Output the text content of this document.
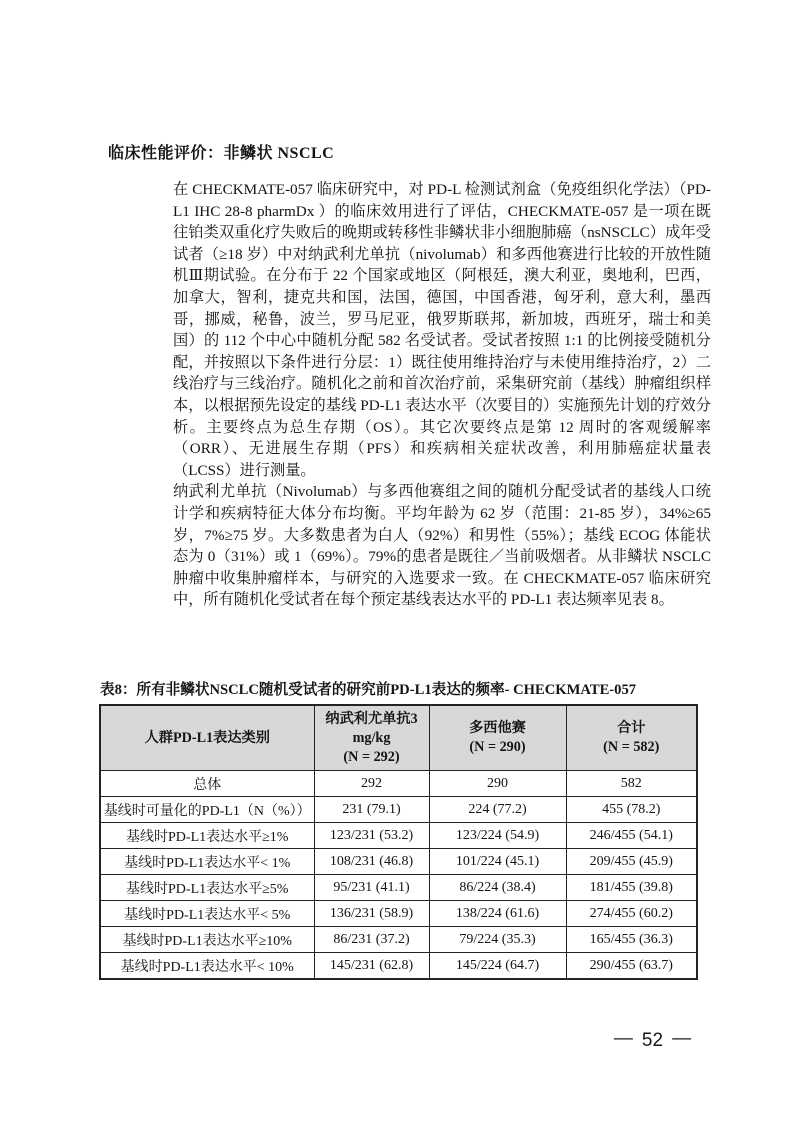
临床性能评价：非鳞状 NSCLC

在 CHECKMATE-057 临床研究中，对 PD-L 检测试剂盒（免疫组织化学法）（PD-L1 IHC 28-8 pharmDx ）的临床效用进行了评估，CHECKMATE-057 是一项在既往铂类双重化疗失败后的晚期或转移性非鳞状非小细胞肺癌（nsNSCLC）成年受试者（≥18 岁）中对纳武利尤单抗（nivolumab）和多西他赛进行比较的开放性随机Ⅲ期试验。在分布于 22 个国家或地区（阿根廷，澳大利亚，奥地利，巴西，加拿大，智利，捷克共和国，法国，德国，中国香港，匈牙利，意大利，墨西哥，挪威，秘鲁，波兰，罗马尼亚，俄罗斯联邦，新加坡，西班牙，瑞士和美国）的 112 个中心中随机分配 582 名受试者。受试者按照 1:1 的比例接受随机分配，并按照以下条件进行分层：1）既往使用维持治疗与未使用维持治疗，2）二线治疗与三线治疗。随机化之前和首次治疗前，采集研究前（基线）肿瘤组织样本，以根据预先设定的基线 PD-L1 表达水平（次要目的）实施预先计划的疗效分析。主要终点为总生存期（OS）。其它次要终点是第 12 周时的客观缓解率（ORR）、无进展生存期（PFS）和疾病相关症状改善，利用肺癌症状量表（LCSS）进行测量。

纳武利尤单抗（Nivolumab）与多西他赛组之间的随机分配受试者的基线人口统计学和疾病特征大体分布均衡。平均年龄为 62 岁（范围：21-85 岁），34%≥65 岁，7%≥75 岁。大多数患者为白人（92%）和男性（55%）；基线 ECOG 体能状态为 0（31%）或 1（69%）。79%的患者是既往／当前吸烟者。从非鳞状 NSCLC 肿瘤中收集肿瘤样本，与研究的入选要求一致。在 CHECKMATE-057 临床研究中，所有随机化受试者在每个预定基线表达水平的 PD-L1 表达频率见表 8。

表8：所有非鳞状NSCLC随机受试者的研究前PD-L1表达的频率- CHECKMATE-057
人群PD-L1表达类别	纳武利尤单抗3
mg/kg
(N = 292)	多西他赛
(N = 290)	合计
(N = 582)

总体	292	290	582
基线时可量化的PD-L1（N（%））	231 (79.1)	224 (77.2)	455 (78.2)
基线时PD-L1表达水平≥1%	123/231 (53.2)	123/224 (54.9)	246/455 (54.1)
基线时PD-L1表达水平< 1%	108/231 (46.8)	101/224 (45.1)	209/455 (45.9)
基线时PD-L1表达水平≥5%	95/231 (41.1)	86/224 (38.4)	181/455 (39.8)
基线时PD-L1表达水平< 5%	136/231 (58.9)	138/224 (61.6)	274/455 (60.2)
基线时PD-L1表达水平≥10%	86/231 (37.2)	79/224 (35.3)	165/455 (36.3)
基线时PD-L1表达水平< 10%	145/231 (62.8)	145/224 (64.7)	290/455 (63.7)
— 52 —
